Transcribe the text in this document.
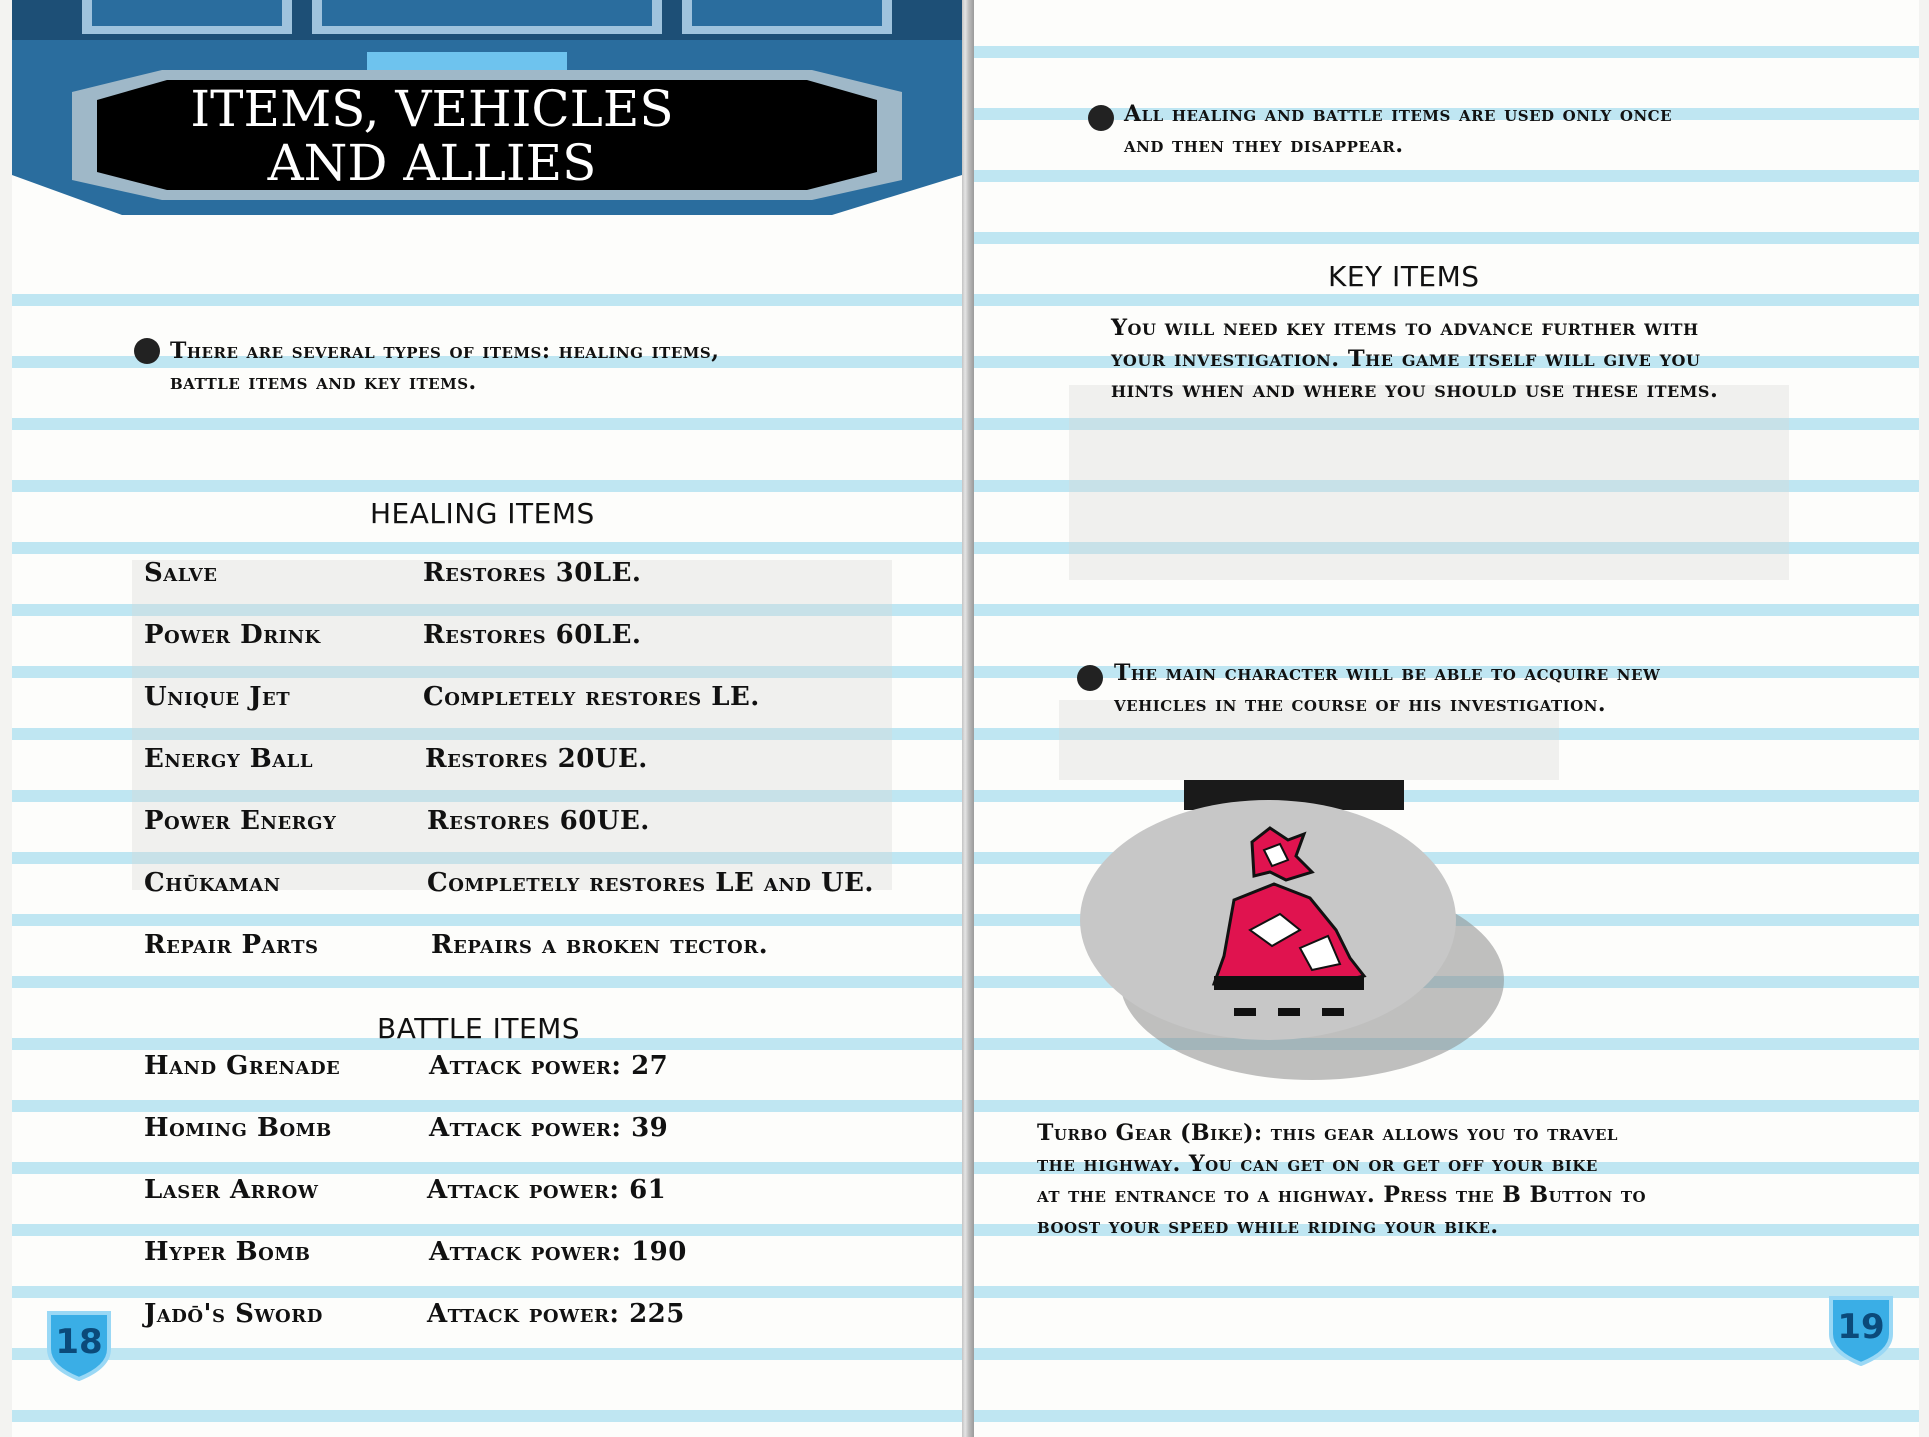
ITEMS, VEHICLES
AND ALLIES
There are several types of items: healing items,
battle items and key items.
HEALING ITEMS
Salve	Restores 30LE.
Power Drink	Restores 60LE.
Unique Jet	Completely restores LE.
Energy Ball	Restores 20UE.
Power Energy	Restores 60UE.
Chūkaman	Completely restores LE and UE.
Repair Parts	Repairs a broken tector.
BATTLE ITEMS
Hand Grenade	Attack power: 27
Homing Bomb	Attack power: 39
Laser Arrow	Attack power: 61
Hyper Bomb	Attack power: 190
Jadō's Sword	Attack power: 225
18
All healing and battle items are used only once
and then they disappear.
KEY ITEMS
You will need key items to advance further with
your investigation. The game itself will give you
hints when and where you should use these items.
The main character will be able to acquire new
vehicles in the course of his investigation.
Turbo Gear (Bike): this gear allows you to travel
the highway. You can get on or get off your bike
at the entrance to a highway. Press the B Button to
boost your speed while riding your bike.
19
